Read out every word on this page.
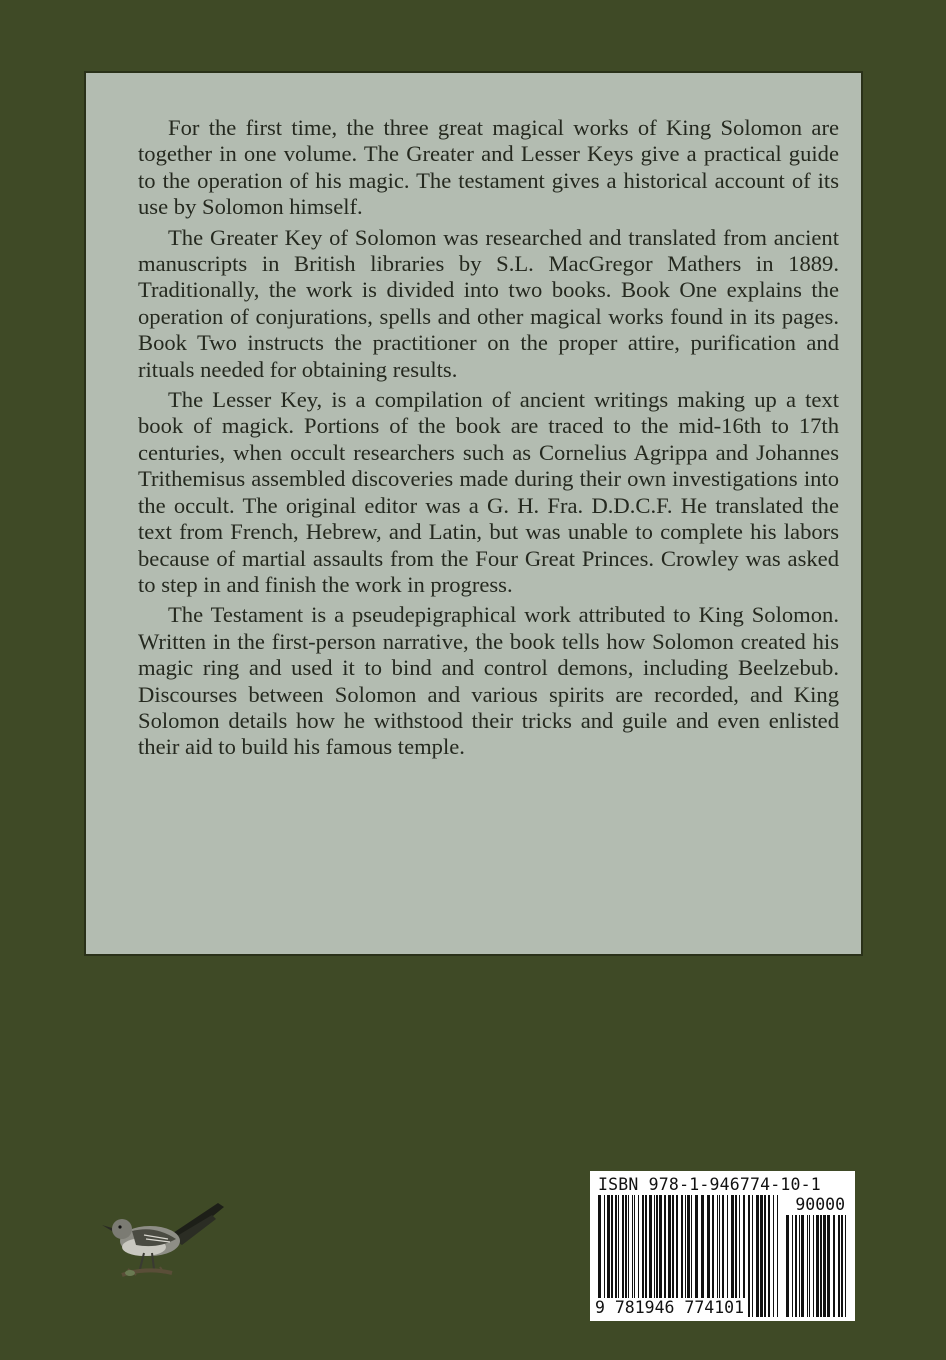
For the first time, the three great magical works of King Solomon are together in one volume. The Greater and Lesser Keys give a practical guide to the operation of his magic. The testament gives a historical account of its use by Solomon himself.

The Greater Key of Solomon was researched and translated from ancient manuscripts in British libraries by S.L. MacGregor Mathers in 1889. Traditionally, the work is divided into two books. Book One explains the operation of conjurations, spells and other magical works found in its pages. Book Two instructs the practitioner on the proper attire, purification and rituals needed for obtaining results.

The Lesser Key, is a compilation of ancient writings making up a text book of magick. Portions of the book are traced to the mid-16th to 17th centuries, when occult researchers such as Cornelius Agrippa and Johannes Trithemisus assembled discoveries made during their own investigations into the occult. The original editor was a G. H. Fra. D.D.C.F. He translated the text from French, Hebrew, and Latin, but was unable to complete his labors because of martial assaults from the Four Great Princes. Crowley was asked to step in and finish the work in progress.

The Testament is a pseudepigraphical work attributed to King Solomon. Written in the first-person narrative, the book tells how Solomon created his magic ring and used it to bind and control demons, including Beelzebub. Discourses between Solomon and various spirits are recorded, and King Solomon details how he withstood their tricks and guile and even enlisted their aid to build his famous temple.

ISBN 978-1-946774-10-1
90000
9 781946 774101
